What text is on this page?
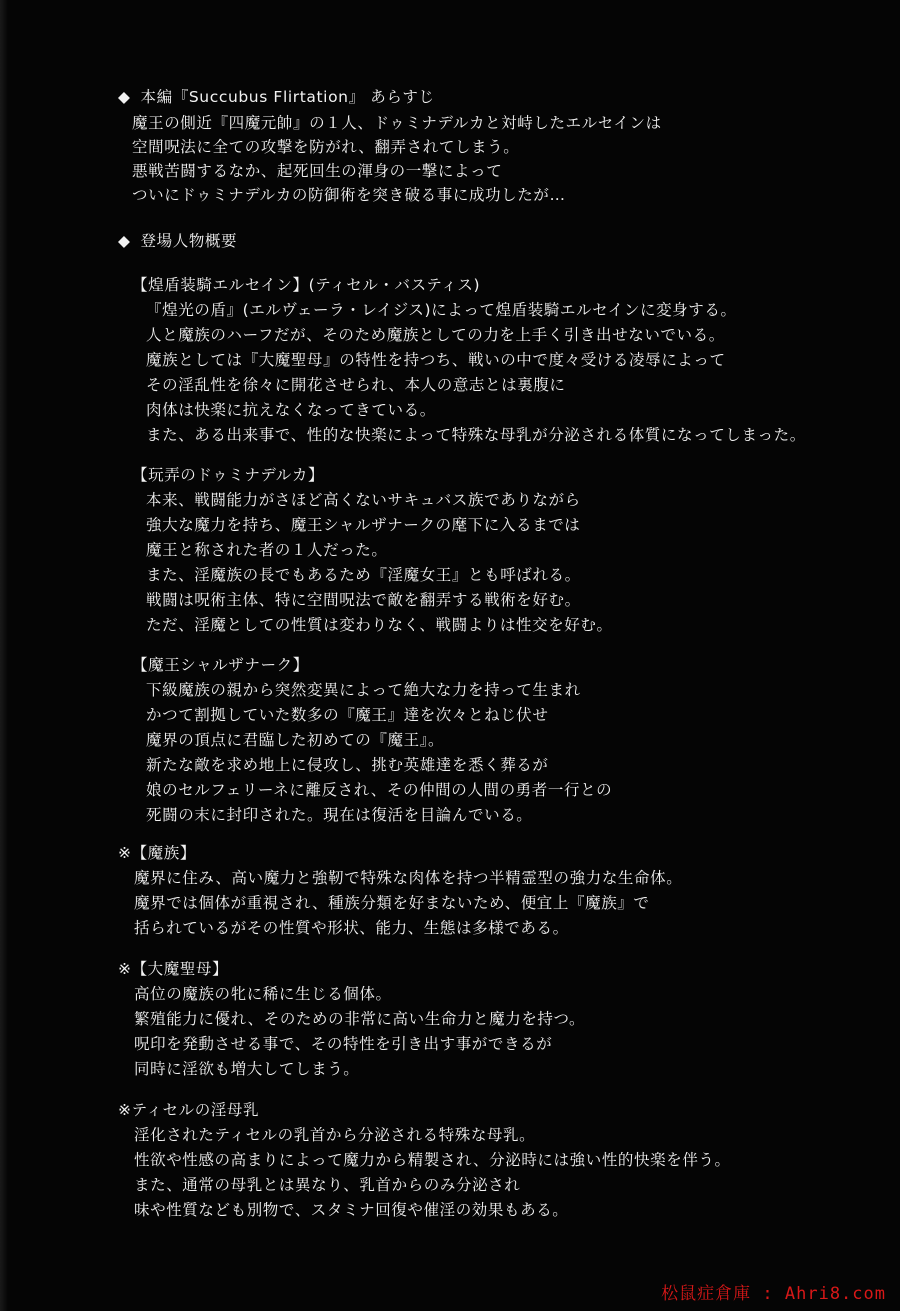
◆ 本編『Succubus Flirtation』 あらすじ
魔王の側近『四魔元帥』の１人、ドゥミナデルカと対峙したエルセインは
空間呪法に全ての攻撃を防がれ、翻弄されてしまう。
悪戦苦闘するなか、起死回生の渾身の一撃によって
ついにドゥミナデルカの防御術を突き破る事に成功したが…
◆ 登場人物概要
【煌盾装騎エルセイン】(ティセル・バスティス)
『煌光の盾』(エルヴェーラ・レイジス)によって煌盾装騎エルセインに変身する。
人と魔族のハーフだが、そのため魔族としての力を上手く引き出せないでいる。
魔族としては『大魔聖母』の特性を持つち、戦いの中で度々受ける凌辱によって
その淫乱性を徐々に開花させられ、本人の意志とは裏腹に
肉体は快楽に抗えなくなってきている。
また、ある出来事で、性的な快楽によって特殊な母乳が分泌される体質になってしまった。
【玩弄のドゥミナデルカ】
本来、戦闘能力がさほど高くないサキュバス族でありながら
強大な魔力を持ち、魔王シャルザナークの麾下に入るまでは
魔王と称された者の１人だった。
また、淫魔族の長でもあるため『淫魔女王』とも呼ばれる。
戦闘は呪術主体、特に空間呪法で敵を翻弄する戦術を好む。
ただ、淫魔としての性質は変わりなく、戦闘よりは性交を好む。
【魔王シャルザナーク】
下級魔族の親から突然変異によって絶大な力を持って生まれ
かつて割拠していた数多の『魔王』達を次々とねじ伏せ
魔界の頂点に君臨した初めての『魔王』。
新たな敵を求め地上に侵攻し、挑む英雄達を悉く葬るが
娘のセルフェリーネに離反され、その仲間の人間の勇者一行との
死闘の末に封印された。現在は復活を目論んでいる。
※【魔族】
魔界に住み、高い魔力と強靭で特殊な肉体を持つ半精霊型の強力な生命体。
魔界では個体が重視され、種族分類を好まないため、便宜上『魔族』で
括られているがその性質や形状、能力、生態は多様である。
※【大魔聖母】
高位の魔族の牝に稀に生じる個体。
繁殖能力に優れ、そのための非常に高い生命力と魔力を持つ。
呪印を発動させる事で、その特性を引き出す事ができるが
同時に淫欲も増大してしまう。
※ティセルの淫母乳
淫化されたティセルの乳首から分泌される特殊な母乳。
性欲や性感の高まりによって魔力から精製され、分泌時には強い性的快楽を伴う。
また、通常の母乳とは異なり、乳首からのみ分泌され
味や性質なども別物で、スタミナ回復や催淫の効果もある。
松鼠症倉庫 : Ahri8.com
